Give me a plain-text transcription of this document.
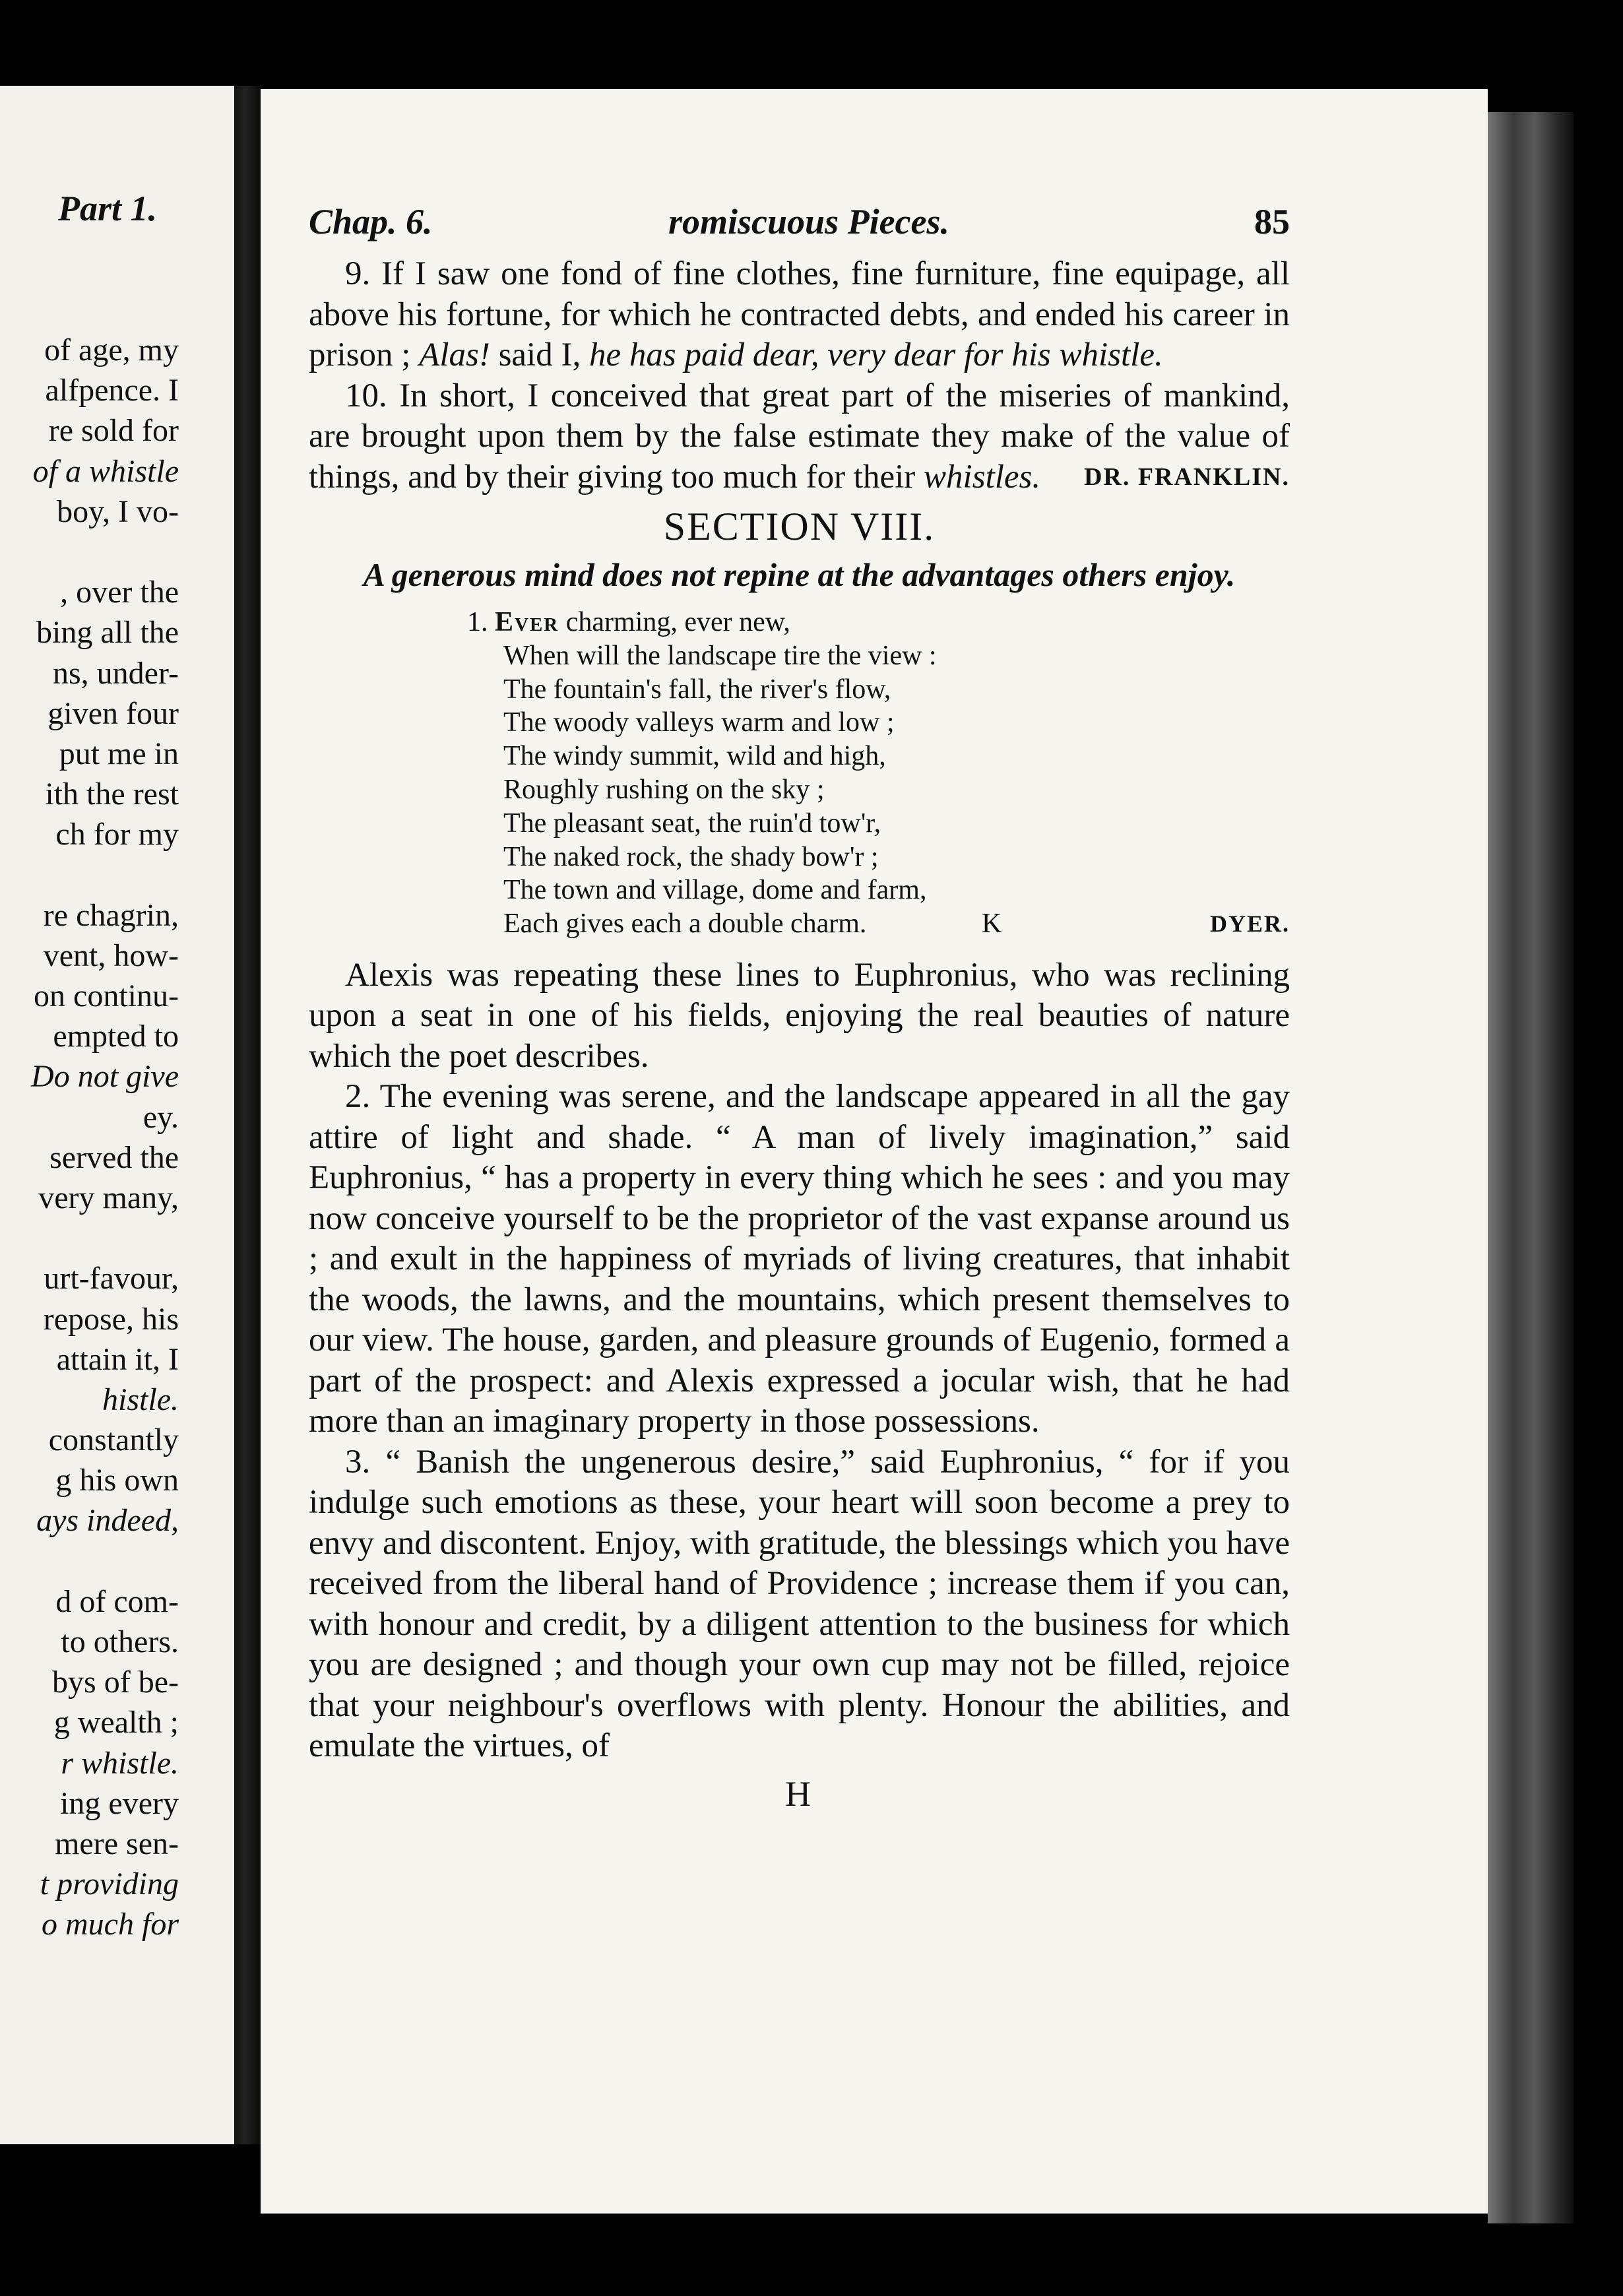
Part 1.
of age, my
alfpence. I
re sold for
of a whistle
boy, I vo-
, over the
bing all the
ns, under-
given four
put me in
ith the rest
ch for my
re chagrin,
vent, how-
on continu-
empted to
Do not give
ey.
served the
very many,
urt-favour,
repose, his
attain it, I
histle.
constantly
g his own
ays indeed,
d of com-
to others.
bys of be-
g wealth ;
r whistle.
ing every
mere sen-
t providing
o much for
Chap. 6.	romiscuous Pieces.	85

9. If I saw one fond of fine clothes, fine furniture, fine equipage, all above his fortune, for which he contracted debts, and ended his career in prison ; Alas! said I, he has paid dear, very dear for his whistle.

10. In short, I conceived that great part of the miseries of mankind, are brought upon them by the false estimate they make of the value of things, and by their giving too much for their whistles. DR. FRANKLIN.

SECTION VIII.
A generous mind does not repine at the advantages others enjoy.
1. Ever charming, ever new,
When will the landscape tire the view :
The fountain's fall, the river's flow,
The woody valleys warm and low ;
The windy summit, wild and high,
Roughly rushing on the sky ;
The pleasant seat, the ruin'd tow'r,
The naked rock, the shady bow'r ;
The town and village, dome and farm,
Each gives each a double charm.	K	DYER.

Alexis was repeating these lines to Euphronius, who was reclining upon a seat in one of his fields, enjoying the real beauties of nature which the poet describes.

2. The evening was serene, and the landscape appeared in all the gay attire of light and shade. “ A man of lively imagination,” said Euphronius, “ has a property in every thing which he sees : and you may now conceive yourself to be the proprietor of the vast expanse around us ; and exult in the happiness of myriads of living creatures, that inhabit the woods, the lawns, and the mountains, which present themselves to our view. The house, garden, and pleasure grounds of Eugenio, formed a part of the prospect: and Alexis expressed a jocular wish, that he had more than an imaginary property in those possessions.

3. “ Banish the ungenerous desire,” said Euphronius, “ for if you indulge such emotions as these, your heart will soon become a prey to envy and discontent. Enjoy, with gratitude, the blessings which you have received from the liberal hand of Providence ; increase them if you can, with honour and credit, by a diligent attention to the business for which you are designed ; and though your own cup may not be filled, rejoice that your neighbour's overflows with plenty. Honour the abilities, and emulate the virtues, of

H
